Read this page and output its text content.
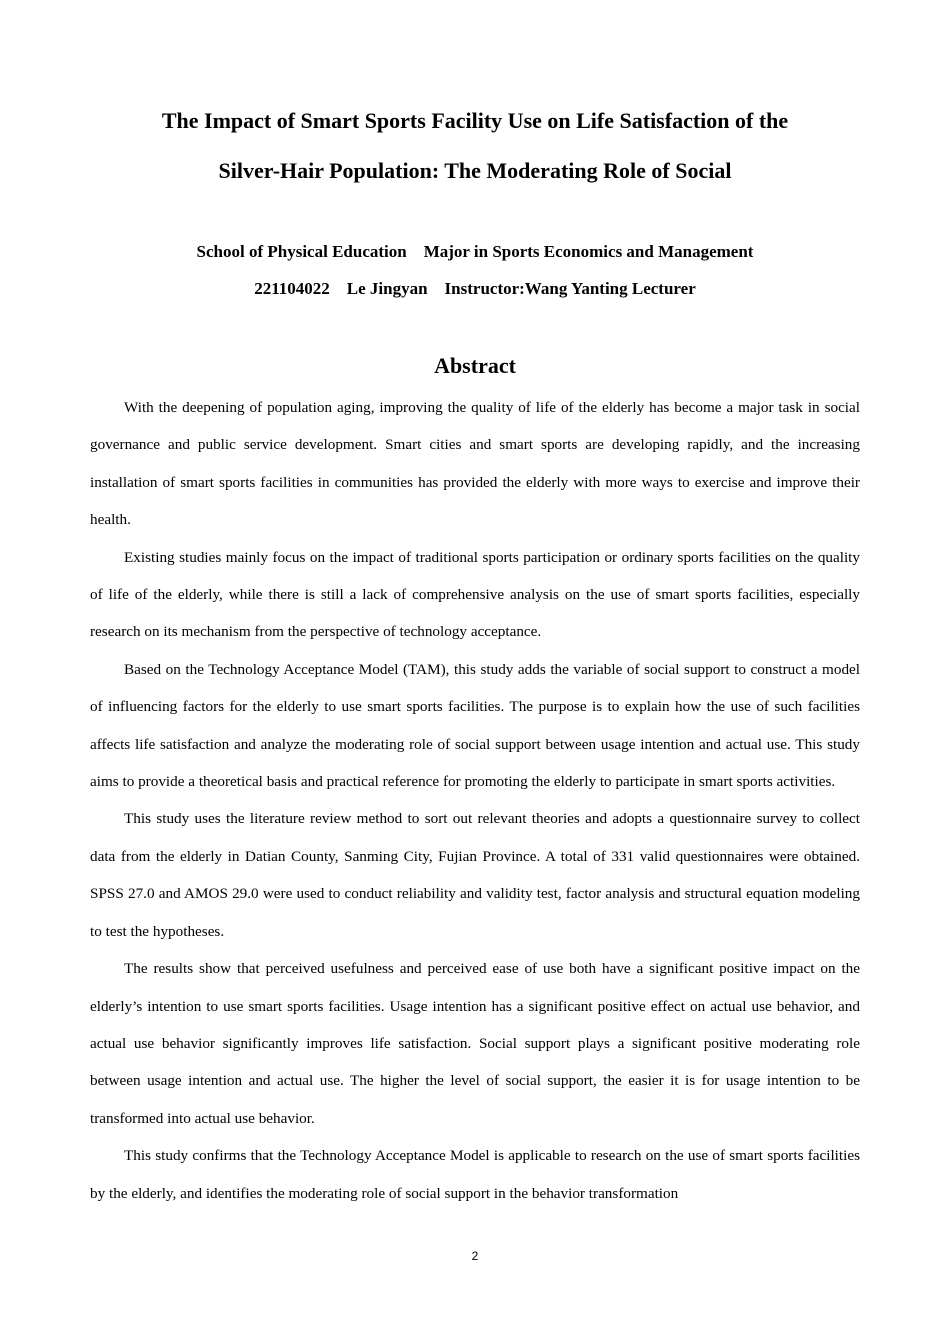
The Impact of Smart Sports Facility Use on Life Satisfaction of the
Silver-Hair Population: The Moderating Role of Social
School of Physical Education    Major in Sports Economics and Management
221104022    Le Jingyan    Instructor:Wang Yanting Lecturer
Abstract

With the deepening of population aging, improving the quality of life of the elderly has become a major task in social governance and public service development. Smart cities and smart sports are developing rapidly, and the increasing installation of smart sports facilities in communities has provided the elderly with more ways to exercise and improve their health.

Existing studies mainly focus on the impact of traditional sports participation or ordinary sports facilities on the quality of life of the elderly, while there is still a lack of comprehensive analysis on the use of smart sports facilities, especially research on its mechanism from the perspective of technology acceptance.

Based on the Technology Acceptance Model (TAM), this study adds the variable of social support to construct a model of influencing factors for the elderly to use smart sports facilities. The purpose is to explain how the use of such facilities affects life satisfaction and analyze the moderating role of social support between usage intention and actual use. This study aims to provide a theoretical basis and practical reference for promoting the elderly to participate in smart sports activities.

This study uses the literature review method to sort out relevant theories and adopts a questionnaire survey to collect data from the elderly in Datian County, Sanming City, Fujian Province. A total of 331 valid questionnaires were obtained. SPSS 27.0 and AMOS 29.0 were used to conduct reliability and validity test, factor analysis and structural equation modeling to test the hypotheses.

The results show that perceived usefulness and perceived ease of use both have a significant positive impact on the elderly’s intention to use smart sports facilities. Usage intention has a significant positive effect on actual use behavior, and actual use behavior significantly improves life satisfaction. Social support plays a significant positive moderating role between usage intention and actual use. The higher the level of social support, the easier it is for usage intention to be transformed into actual use behavior.

This study confirms that the Technology Acceptance Model is applicable to research on the use of smart sports facilities by the elderly, and identifies the moderating role of social support in the behavior transformation

2
